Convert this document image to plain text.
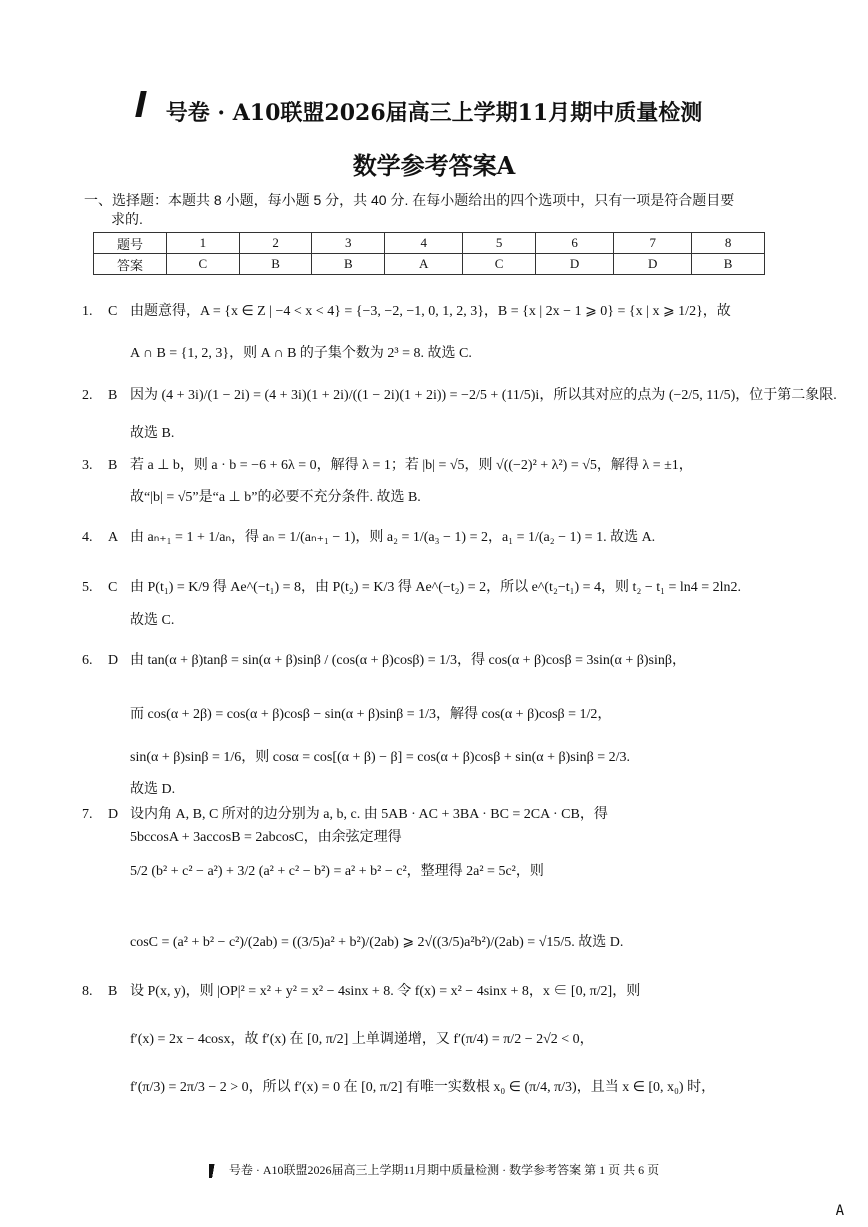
号卷 · A10联盟2026届高三上学期11月期中质量检测
数学参考答案A
一、选择题：本题共 8 小题，每小题 5 分，共 40 分. 在每小题给出的四个选项中，只有一项是符合题目要
求的.
题号	1	2	3	4	5	6	7	8
答案	C	B	B	A	C	D	D	B
1. C 由题意得，A = {x ∈ Z | −4 < x < 4} = {−3, −2, −1, 0, 1, 2, 3}，B = {x | 2x − 1 ⩾ 0} = {x | x ⩾ 1/2}，故
A ∩ B = {1, 2, 3}，则 A ∩ B 的子集个数为 2³ = 8. 故选 C.
2. B 因为 (4 + 3i)/(1 − 2i) = (4 + 3i)(1 + 2i)/((1 − 2i)(1 + 2i)) = −2/5 + (11/5)i，所以其对应的点为 (−2/5, 11/5)，位于第二象限.
故选 B.
3. B 若 a ⊥ b，则 a · b = −6 + 6λ = 0，解得 λ = 1；若 |b| = √5，则 √((−2)² + λ²) = √5，解得 λ = ±1，
故“|b| = √5”是“a ⊥ b”的必要不充分条件. 故选 B.
4. A 由 aₙ₊₁ = 1 + 1/aₙ，得 aₙ = 1/(aₙ₊₁ − 1)，则 a₂ = 1/(a₃ − 1) = 2，a₁ = 1/(a₂ − 1) = 1. 故选 A.
5. C 由 P(t₁) = K/9 得 Ae^(−t₁) = 8，由 P(t₂) = K/3 得 Ae^(−t₂) = 2，所以 e^(t₂−t₁) = 4，则 t₂ − t₁ = ln4 = 2ln2.
故选 C.
6. D 由 tan(α + β)tanβ = sin(α + β)sinβ / (cos(α + β)cosβ) = 1/3，得 cos(α + β)cosβ = 3sin(α + β)sinβ，
而 cos(α + 2β) = cos(α + β)cosβ − sin(α + β)sinβ = 1/3，解得 cos(α + β)cosβ = 1/2，
sin(α + β)sinβ = 1/6，则 cosα = cos[(α + β) − β] = cos(α + β)cosβ + sin(α + β)sinβ = 2/3.
故选 D.
7. D 设内角 A, B, C 所对的边分别为 a, b, c. 由 5AB · AC + 3BA · BC = 2CA · CB，得
5bccosA + 3accosB = 2abcosC，由余弦定理得
5/2 (b² + c² − a²) + 3/2 (a² + c² − b²) = a² + b² − c²，整理得 2a² = 5c²，则
cosC = (a² + b² − c²)/(2ab) = ((3/5)a² + b²)/(2ab) ⩾ 2√((3/5)a²b²)/(2ab) = √15/5. 故选 D.
8. B 设 P(x, y)，则 |OP|² = x² + y² = x² − 4sinx + 8. 令 f(x) = x² − 4sinx + 8，x ∈ [0, π/2]，则
f′(x) = 2x − 4cosx，故 f′(x) 在 [0, π/2] 上单调递增，又 f′(π/4) = π/2 − 2√2 < 0，
f′(π/3) = 2π/3 − 2 > 0，所以 f′(x) = 0 在 [0, π/2] 有唯一实数根 x₀ ∈ (π/4, π/3)，且当 x ∈ [0, x₀) 时，
号卷 · A10联盟2026届高三上学期11月期中质量检测 · 数学参考答案 第 1 页 共 6 页
A
